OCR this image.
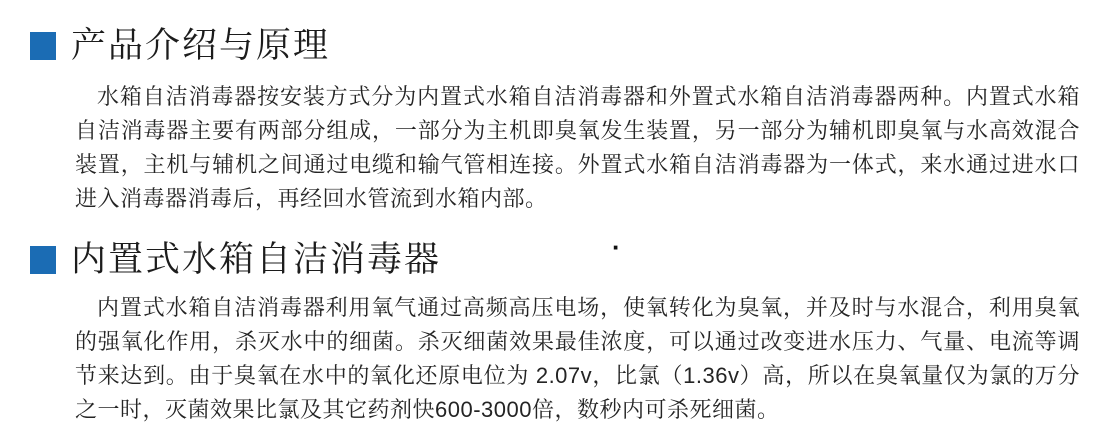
产品介绍与原理

水箱自洁消毒器按安装方式分为内置式水箱自洁消毒器和外置式水箱自洁消毒器两种。内置式水箱自洁消毒器主要有两部分组成，一部分为主机即臭氧发生装置，另一部分为辅机即臭氧与水高效混合装置，主机与辅机之间通过电缆和输气管相连接。外置式水箱自洁消毒器为一体式，来水通过进水口进入消毒器消毒后，再经回水管流到水箱内部。

内置式水箱自洁消毒器

内置式水箱自洁消毒器利用氧气通过高频高压电场，使氧转化为臭氧，并及时与水混合，利用臭氧的强氧化作用，杀灭水中的细菌。杀灭细菌效果最佳浓度，可以通过改变进水压力、气量、电流等调节来达到。由于臭氧在水中的氧化还原电位为 2.07v，比氯（1.36v）高，所以在臭氧量仅为氯的万分之一时，灭菌效果比氯及其它药剂快600-3000倍，数秒内可杀死细菌。

·
